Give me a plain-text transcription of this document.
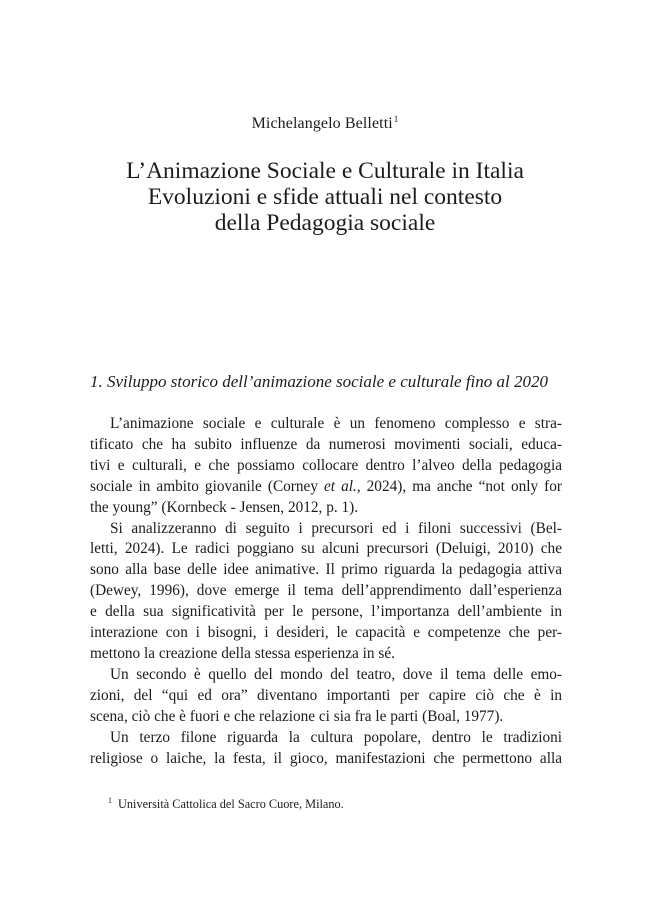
Michelangelo Belletti$^1$
L’Animazione Sociale e Culturale in Italia
Evoluzioni e sfide attuali nel contesto
della Pedagogia sociale
1. Sviluppo storico dell’animazione sociale e culturale fino al 2020
L’animazione sociale e culturale è un fenomeno complesso e stra-
tificato che ha subito influenze da numerosi movimenti sociali, educa-
tivi e culturali, e che possiamo collocare dentro l’alveo della pedagogia
sociale in ambito giovanile (Corney et al., 2024), ma anche “not only for
the young” (Kornbeck - Jensen, 2012, p. 1).
Si analizzeranno di seguito i precursori ed i filoni successivi (Bel-
letti, 2024). Le radici poggiano su alcuni precursori (Deluigi, 2010) che
sono alla base delle idee animative. Il primo riguarda la pedagogia attiva
(Dewey, 1996), dove emerge il tema dell’apprendimento dall’esperienza
e della sua significatività per le persone, l’importanza dell’ambiente in
interazione con i bisogni, i desideri, le capacità e competenze che per-
mettono la creazione della stessa esperienza in sé.
Un secondo è quello del mondo del teatro, dove il tema delle emo-
zioni, del “qui ed ora” diventano importanti per capire ciò che è in
scena, ciò che è fuori e che relazione ci sia fra le parti (Boal, 1977).
Un terzo filone riguarda la cultura popolare, dentro le tradizioni
religiose o laiche, la festa, il gioco, manifestazioni che permettono alla
$^1$ Università Cattolica del Sacro Cuore, Milano.
